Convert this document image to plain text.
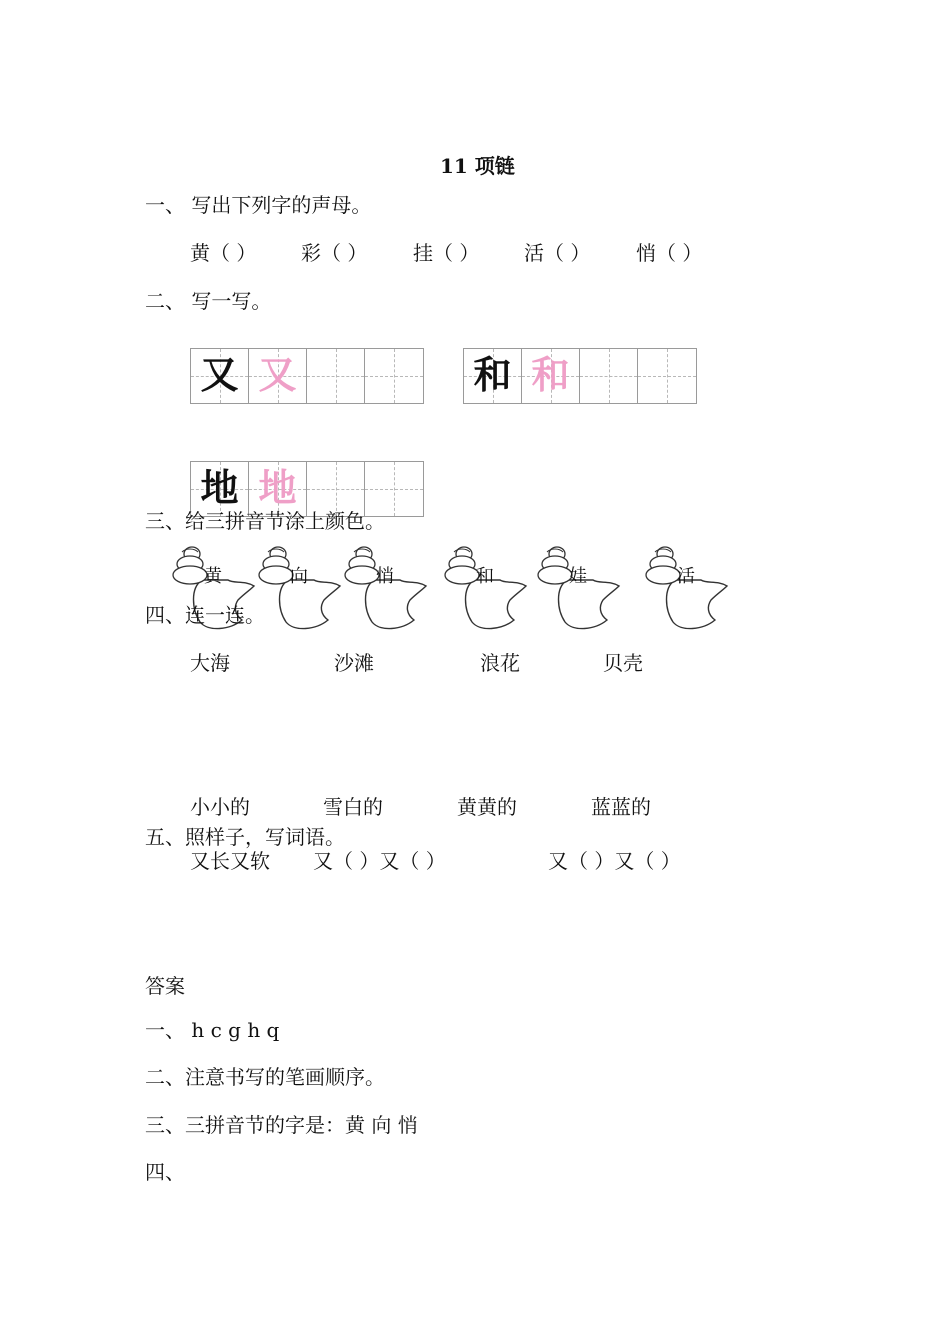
11 项链
一、 写出下列字的声母。
黄（ ） 彩（ ） 挂（ ） 活（ ） 悄（ ）
二、 写一写。
又 又	和 和
地 地
三、给三拼音节涂上颜色。
黄	向	悄	和	娃	活
四、连一连。
大海	沙滩	浪花	贝壳
小小的	雪白的	黄黄的	蓝蓝的
五、照样子，写词语。
又长又软 又（ ）又（ ）	又（ ）又（ ）
答案
一、 h c g h q
二、注意书写的笔画顺序。
三、三拼音节的字是：黄 向 悄
四、
